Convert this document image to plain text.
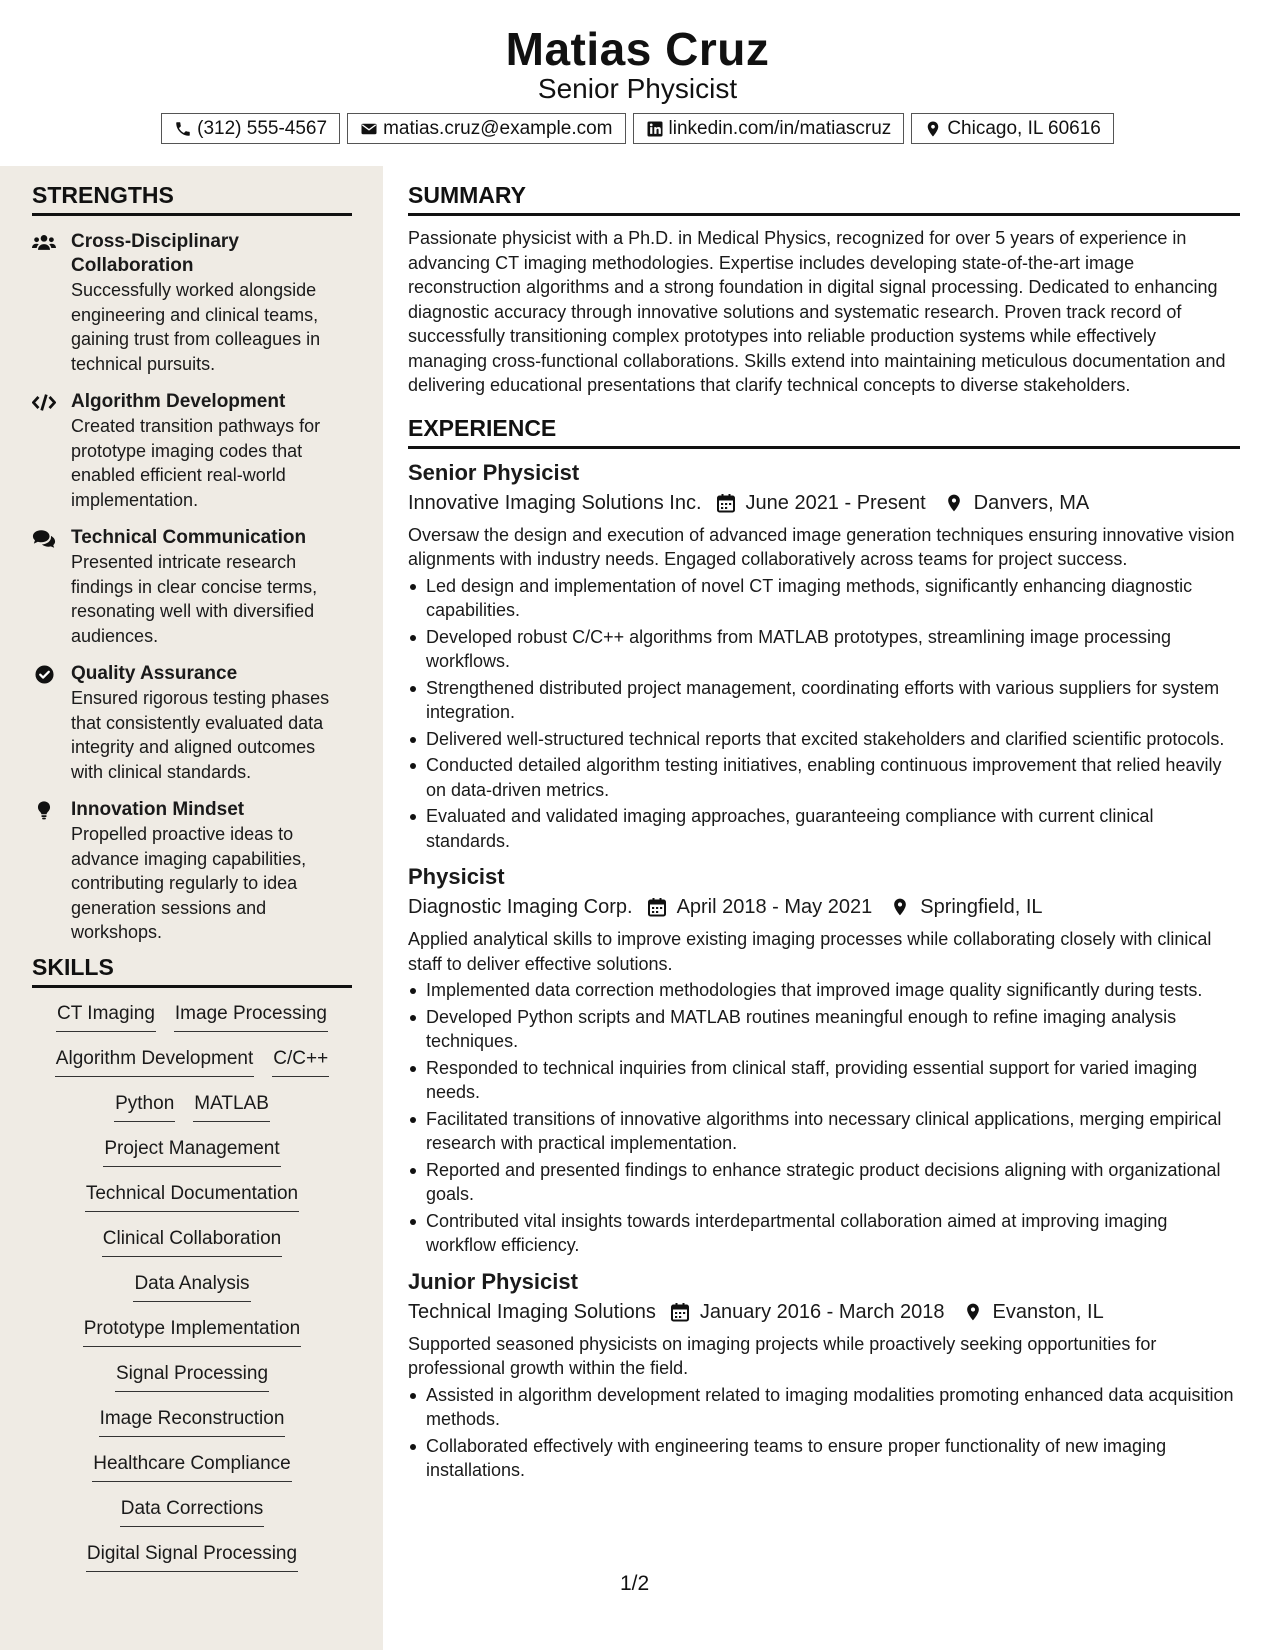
Matias Cruz
Senior Physicist
(312) 555-4567	matias.cruz@example.com	linkedin.com/in/matiascruz	Chicago, IL 60616
STRENGTHS
Cross-Disciplinary Collaboration
Successfully worked alongside engineering and clinical teams, gaining trust from colleagues in technical pursuits.
Algorithm Development
Created transition pathways for prototype imaging codes that enabled efficient real-world implementation.
Technical Communication
Presented intricate research findings in clear concise terms, resonating well with diversified audiences.
Quality Assurance
Ensured rigorous testing phases that consistently evaluated data integrity and aligned outcomes with clinical standards.
Innovation Mindset
Propelled proactive ideas to advance imaging capabilities, contributing regularly to idea generation sessions and workshops.
SKILLS
CT Imaging Image Processing
Algorithm Development C/C++
Python MATLAB
Project Management
Technical Documentation
Clinical Collaboration
Data Analysis
Prototype Implementation
Signal Processing
Image Reconstruction
Healthcare Compliance
Data Corrections
Digital Signal Processing
SUMMARY
Passionate physicist with a Ph.D. in Medical Physics, recognized for over 5 years of experience in advancing CT imaging methodologies. Expertise includes developing state-of-the-art image reconstruction algorithms and a strong foundation in digital signal processing. Dedicated to enhancing diagnostic accuracy through innovative solutions and systematic research. Proven track record of successfully transitioning complex prototypes into reliable production systems while effectively managing cross-functional collaborations. Skills extend into maintaining meticulous documentation and delivering educational presentations that clarify technical concepts to diverse stakeholders.
EXPERIENCE
Senior Physicist
Innovative Imaging Solutions Inc. June 2021 - Present Danvers, MA
Oversaw the design and execution of advanced image generation techniques ensuring innovative vision alignments with industry needs. Engaged collaboratively across teams for project success.
Led design and implementation of novel CT imaging methods, significantly enhancing diagnostic capabilities.
Developed robust C/C++ algorithms from MATLAB prototypes, streamlining image processing workflows.
Strengthened distributed project management, coordinating efforts with various suppliers for system integration.
Delivered well-structured technical reports that excited stakeholders and clarified scientific protocols.
Conducted detailed algorithm testing initiatives, enabling continuous improvement that relied heavily on data-driven metrics.
Evaluated and validated imaging approaches, guaranteeing compliance with current clinical standards.
Physicist
Diagnostic Imaging Corp. April 2018 - May 2021 Springfield, IL
Applied analytical skills to improve existing imaging processes while collaborating closely with clinical staff to deliver effective solutions.
Implemented data correction methodologies that improved image quality significantly during tests.
Developed Python scripts and MATLAB routines meaningful enough to refine imaging analysis techniques.
Responded to technical inquiries from clinical staff, providing essential support for varied imaging needs.
Facilitated transitions of innovative algorithms into necessary clinical applications, merging empirical research with practical implementation.
Reported and presented findings to enhance strategic product decisions aligning with organizational goals.
Contributed vital insights towards interdepartmental collaboration aimed at improving imaging workflow efficiency.
Junior Physicist
Technical Imaging Solutions January 2016 - March 2018 Evanston, IL
Supported seasoned physicists on imaging projects while proactively seeking opportunities for professional growth within the field.
Assisted in algorithm development related to imaging modalities promoting enhanced data acquisition methods.
Collaborated effectively with engineering teams to ensure proper functionality of new imaging installations.
1/2
